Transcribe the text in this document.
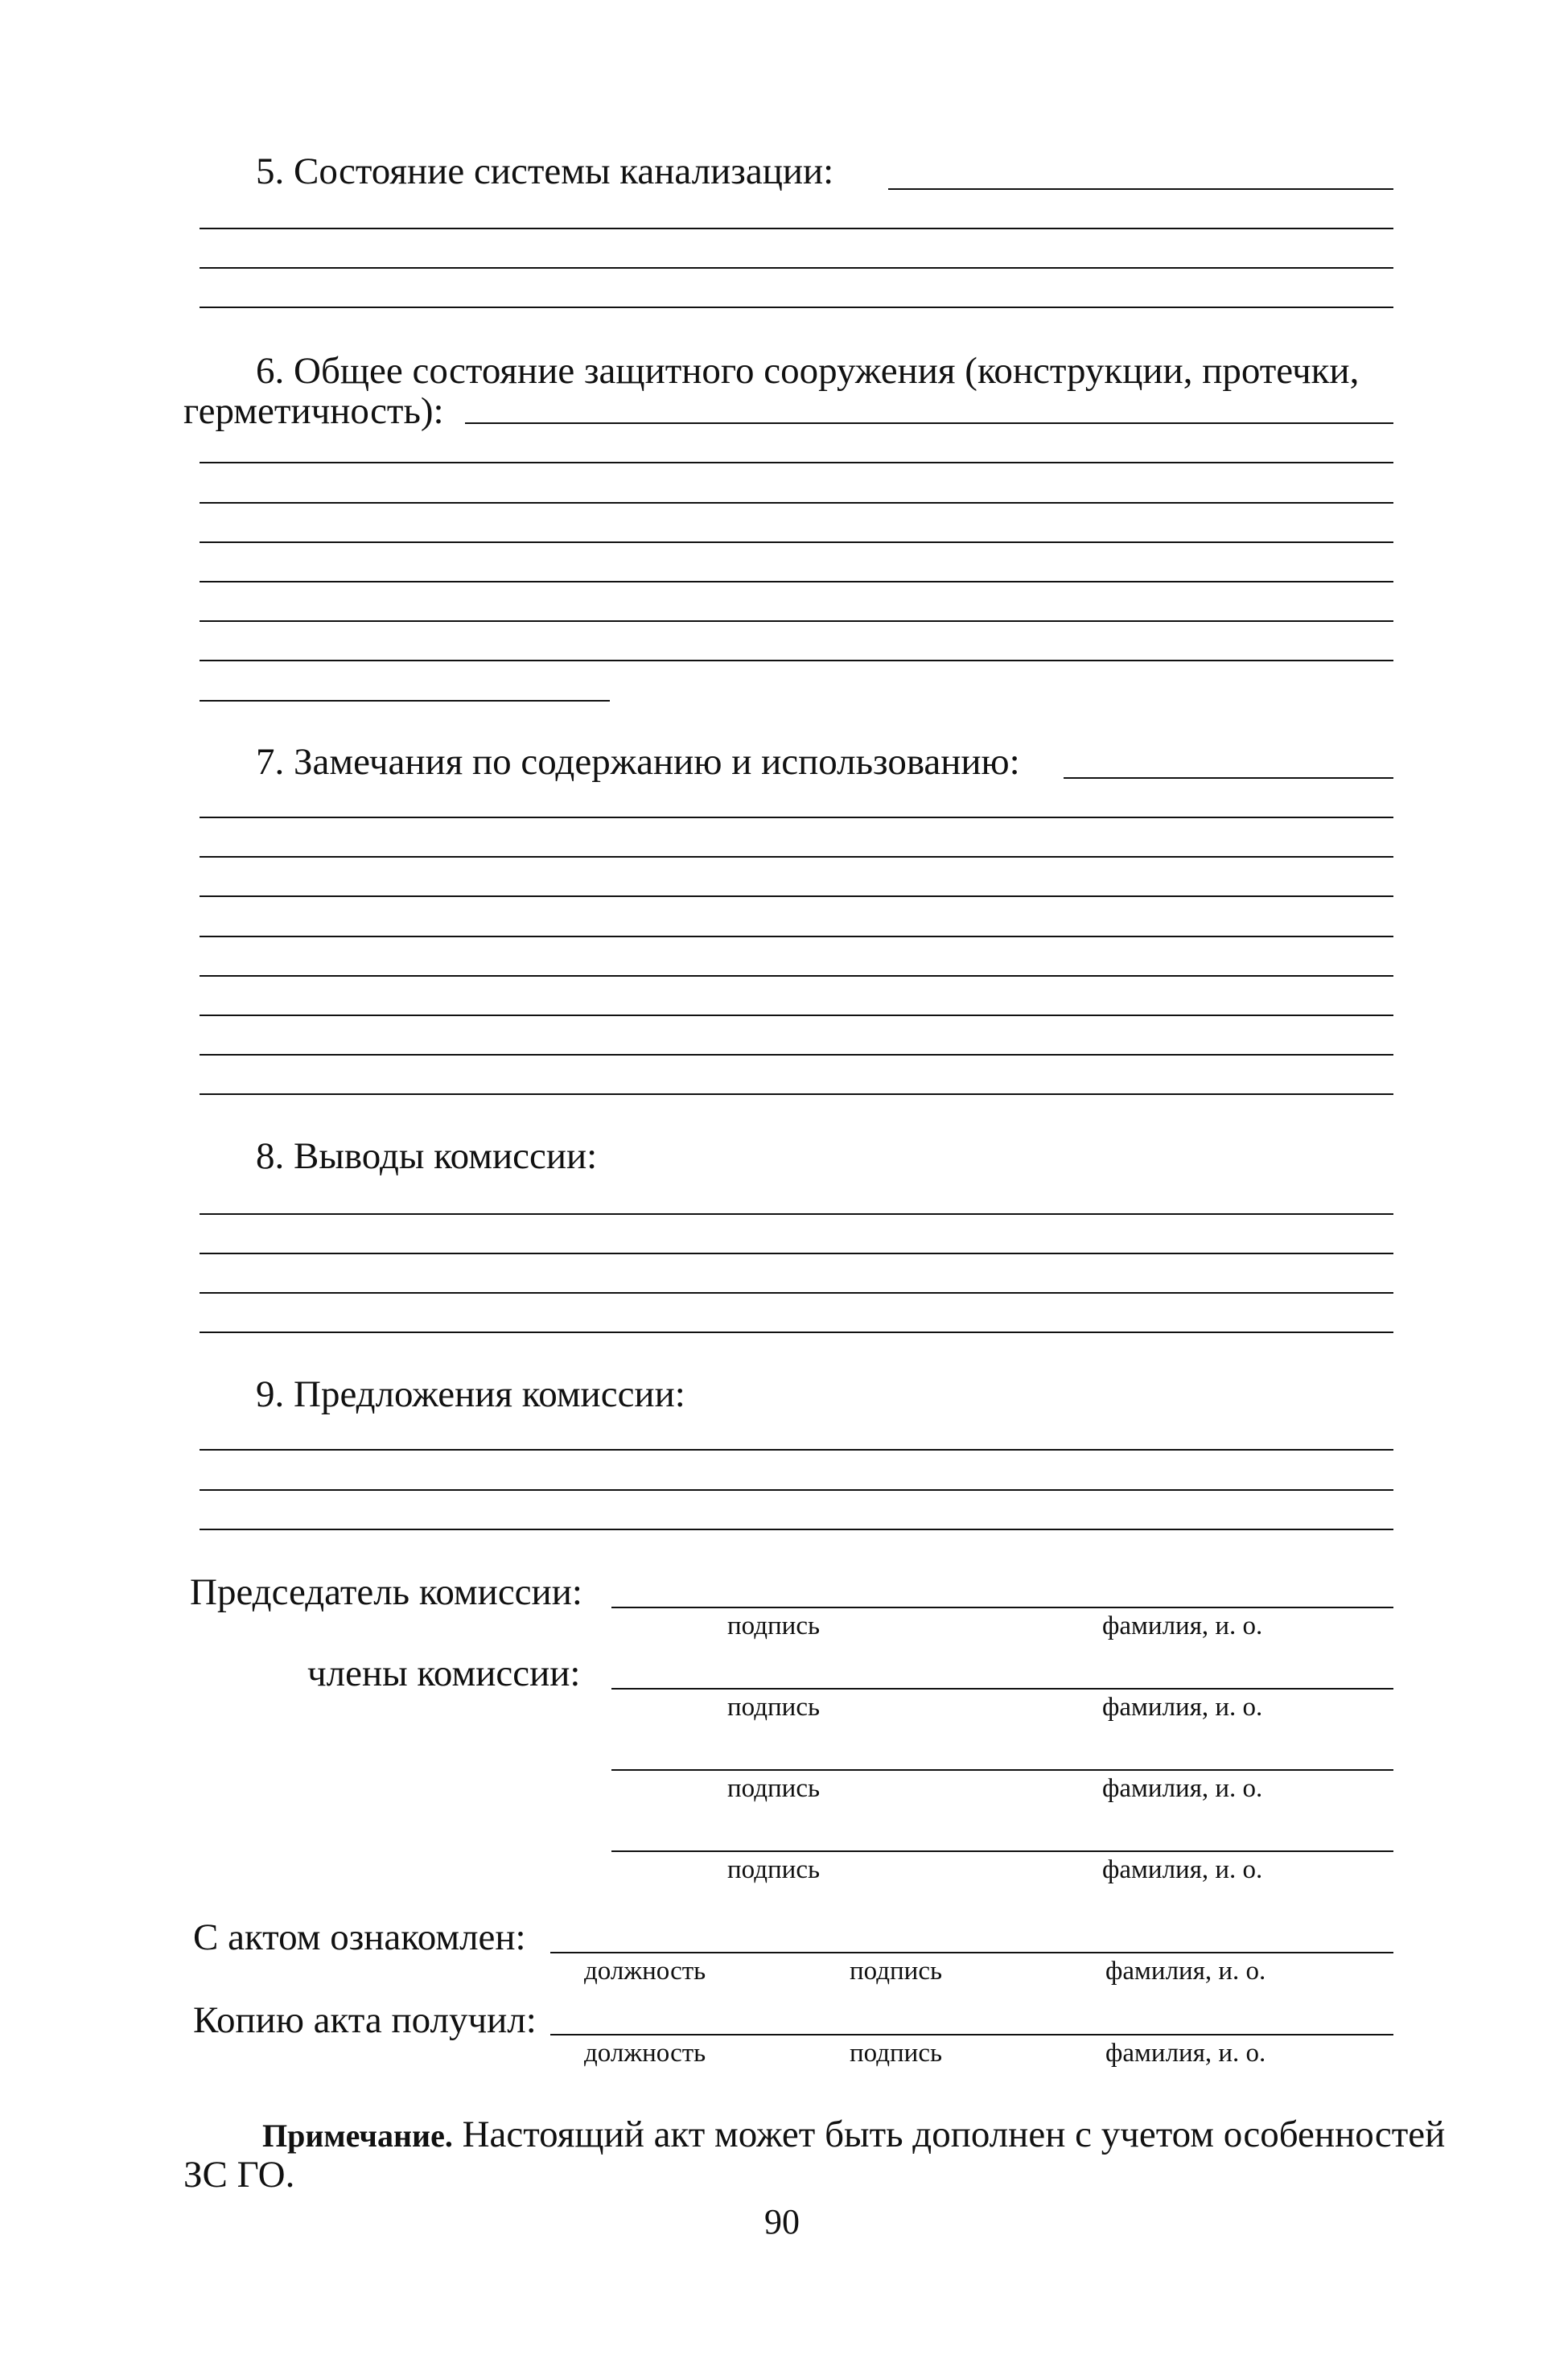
5. Состояние системы канализации:
6. Общее состояние защитного сооружения (конструкции, протечки,
герметичность):
7. Замечания по содержанию и использованию:
8. Выводы комиссии:
9. Предложения комиссии:
Председатель комиссии:
подпись	фамилия, и. о.
члены комиссии:
подпись	фамилия, и. о.
подпись	фамилия, и. о.
подпись	фамилия, и. о.
С актом ознакомлен:
должность	подпись	фамилия, и. о.
Копию акта получил:
должность	подпись	фамилия, и. о.
Примечание. Настоящий акт может быть дополнен с учетом особенностей
ЗС ГО.
90
